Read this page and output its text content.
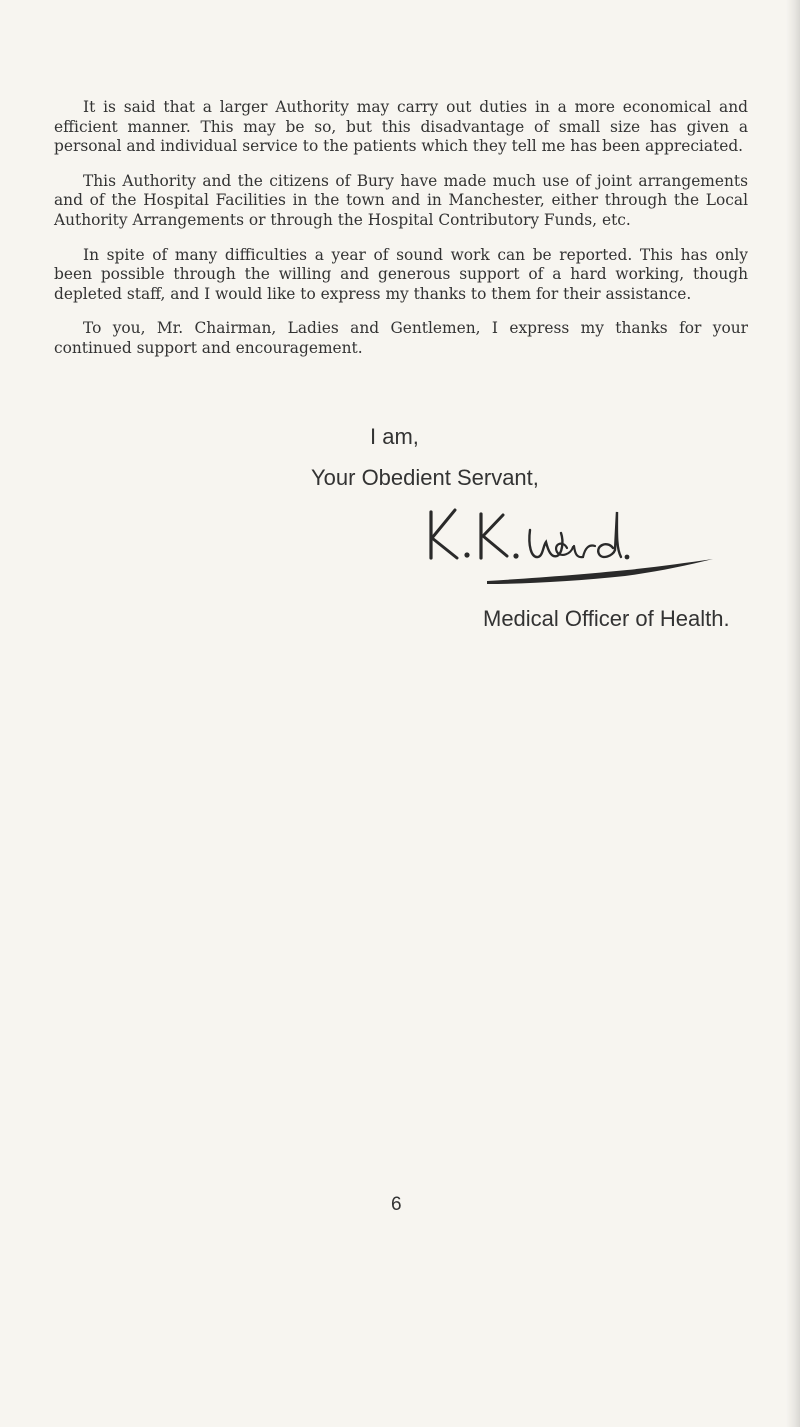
It is said that a larger Authority may carry out duties in a more economical and efficient manner. This may be so, but this disadvantage of small size has given a personal and individual service to the patients which they tell me has been appreciated.

This Authority and the citizens of Bury have made much use of joint arrangements and of the Hospital Facilities in the town and in Manchester, either through the Local Authority Arrangements or through the Hospital Contributory Funds, etc.

In spite of many difficulties a year of sound work can be reported. This has only been possible through the willing and generous support of a hard working, though depleted staff, and I would like to express my thanks to them for their assistance.

To you, Mr. Chairman, Ladies and Gentlemen, I express my thanks for your continued support and encouragement.

I am,
Your Obedient Servant,
Medical Officer of Health.
6
